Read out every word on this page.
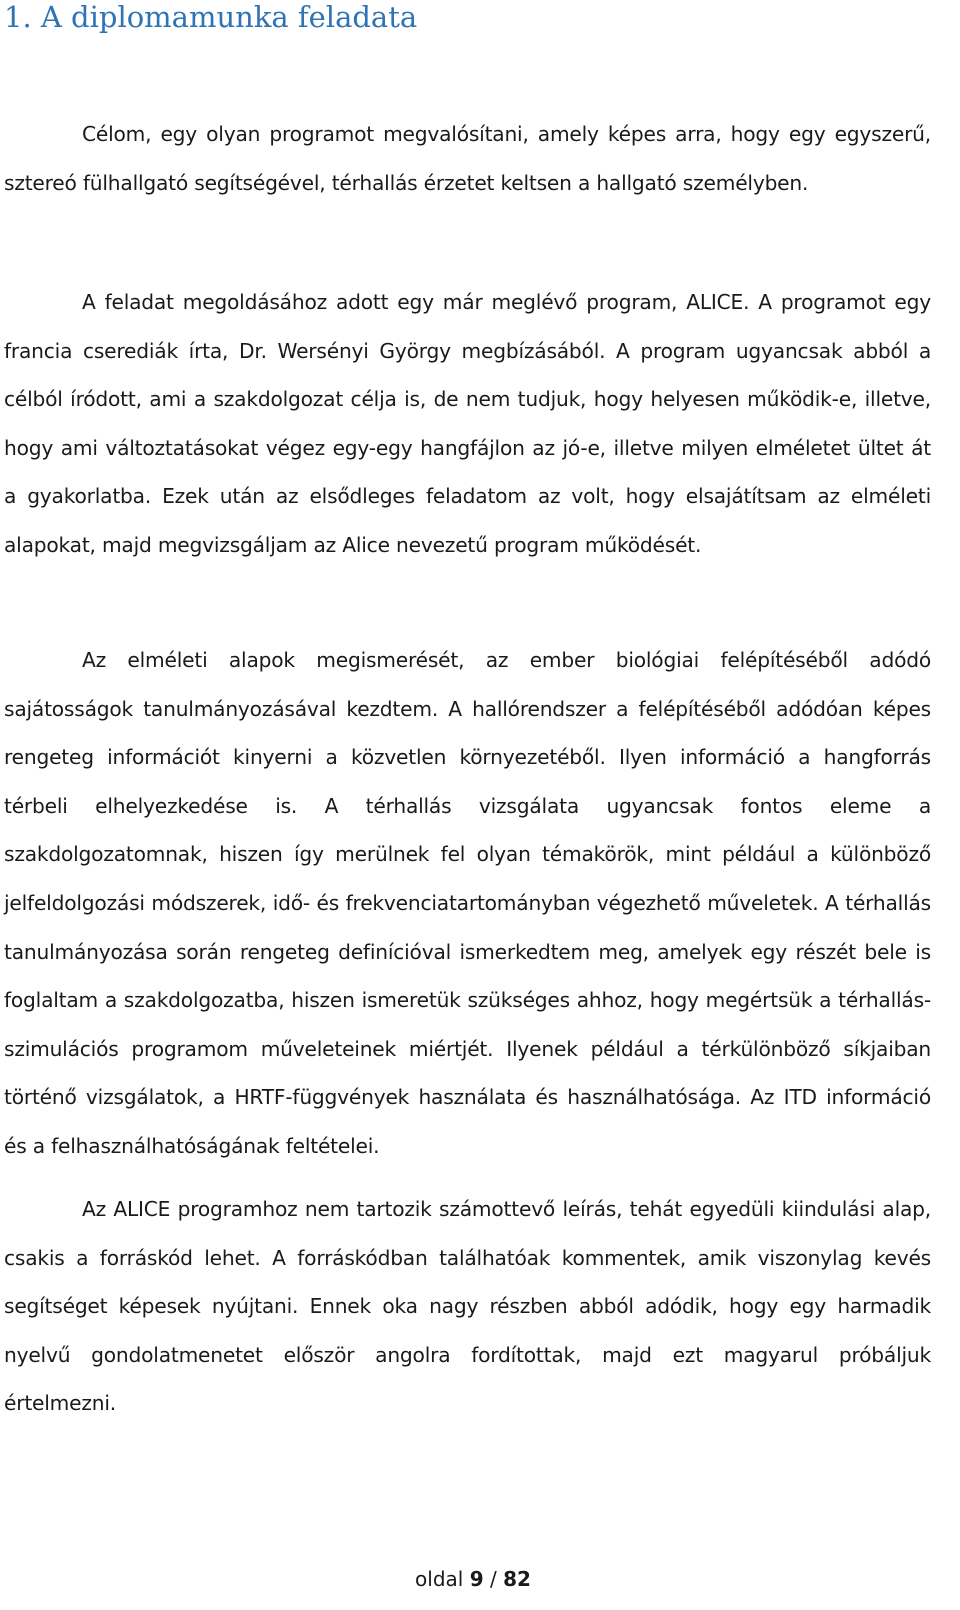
1. A diplomamunka feladata

Célom, egy olyan programot megvalósítani, amely képes arra, hogy egy egyszerű, sztereó fülhallgató segítségével, térhallás érzetet keltsen a hallgató személyben.

A feladat megoldásához adott egy már meglévő program, ALICE. A programot egy francia cserediák írta, Dr. Wersényi György megbízásából. A program ugyancsak abból a célból íródott, ami a szakdolgozat célja is, de nem tudjuk, hogy helyesen működik-e, illetve, hogy ami változtatásokat végez egy-egy hangfájlon az jó-e, illetve milyen elméletet ültet át a gyakorlatba. Ezek után az elsődleges feladatom az volt, hogy elsajátítsam az elméleti alapokat, majd megvizsgáljam az Alice nevezetű program működését.

Az elméleti alapok megismerését, az ember biológiai felépítéséből adódó sajátosságok tanulmányozásával kezdtem. A hallórendszer a felépítéséből adódóan képes rengeteg információt kinyerni a közvetlen környezetéből. Ilyen információ a hangforrás térbeli elhelyezkedése is. A térhallás vizsgálata ugyancsak fontos eleme a szakdolgozatomnak, hiszen így merülnek fel olyan témakörök, mint például a különböző jelfeldolgozási módszerek, idő- és frekvenciatartományban végezhető műveletek. A térhallás tanulmányozása során rengeteg definícióval ismerkedtem meg, amelyek egy részét bele is foglaltam a szakdolgozatba, hiszen ismeretük szükséges ahhoz, hogy megértsük a térhallás-szimulációs programom műveleteinek miértjét. Ilyenek például a térkülönböző síkjaiban történő vizsgálatok, a HRTF-függvények használata és használhatósága. Az ITD információ és a felhasználhatóságának feltételei.

Az ALICE programhoz nem tartozik számottevő leírás, tehát egyedüli kiindulási alap, csakis a forráskód lehet. A forráskódban találhatóak kommentek, amik viszonylag kevés segítséget képesek nyújtani. Ennek oka nagy részben abból adódik, hogy egy harmadik nyelvű gondolatmenetet először angolra fordítottak, majd ezt magyarul próbáljuk értelmezni.

oldal 9 / 82
